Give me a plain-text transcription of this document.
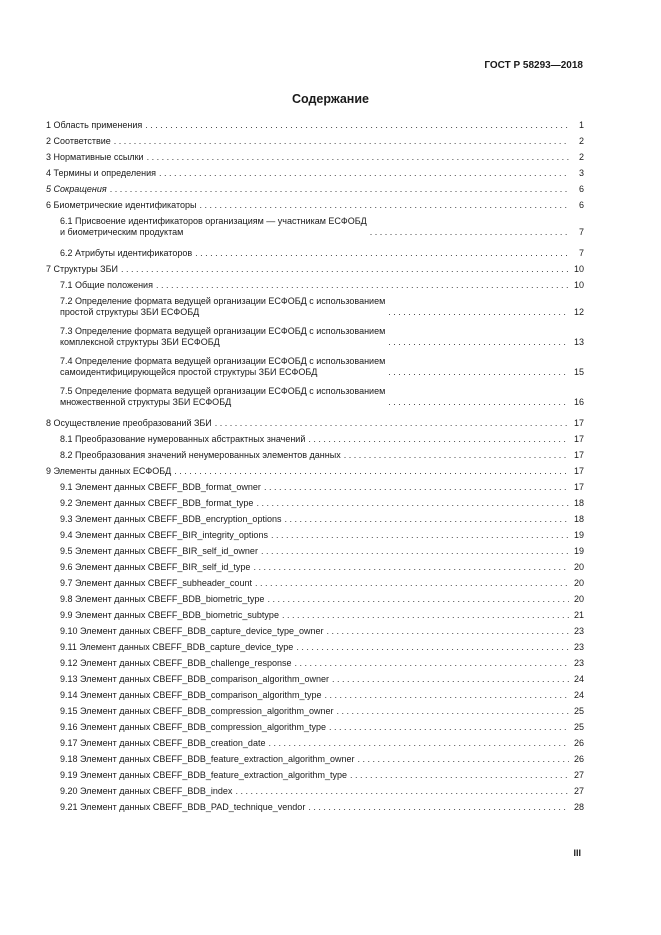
ГОСТ Р 58293—2018
Содержание
1 Область применения . . .	1
2 Соответствие . . .	2
3 Нормативные ссылки . . .	2
4 Термины и определения . . .	3
5 Сокращения . . .	6
6 Биометрические идентификаторы . . .	6
6.1 Присвоение идентификаторов организациям — участникам ЕСФОБД
и биометрическим продуктам . . .	7
6.2 Атрибуты идентификаторов . . .	7
7 Структуры ЗБИ . . .	10
7.1 Общие положения . . .	10
7.2 Определение формата ведущей организации ЕСФОБД с использованием
простой структуры ЗБИ ЕСФОБД . . .	12
7.3 Определение формата ведущей организации ЕСФОБД с использованием
комплексной структуры ЗБИ ЕСФОБД . . .	13
7.4 Определение формата ведущей организации ЕСФОБД с использованием
самоидентифицирующейся простой структуры ЗБИ ЕСФОБД . . .	15
7.5 Определение формата ведущей организации ЕСФОБД с использованием
множественной структуры ЗБИ ЕСФОБД . . .	16
8 Осуществление преобразований ЗБИ . . .	17
8.1 Преобразование нумерованных абстрактных значений . . .	17
8.2 Преобразования значений ненумерованных элементов данных . . .	17
9 Элементы данных ЕСФОБД . . .	17
9.1 Элемент данных CBEFF_BDB_format_owner . . .	17
9.2 Элемент данных CBEFF_BDB_format_type . . .	18
9.3 Элемент данных CBEFF_BDB_encryption_options . . .	18
9.4 Элемент данных CBEFF_BIR_integrity_options . . .	19
9.5 Элемент данных CBEFF_BIR_self_id_owner . . .	19
9.6 Элемент данных CBEFF_BIR_self_id_type . . .	20
9.7 Элемент данных CBEFF_subheader_count . . .	20
9.8 Элемент данных CBEFF_BDB_biometric_type . . .	20
9.9 Элемент данных CBEFF_BDB_biometric_subtype . . .	21
9.10 Элемент данных CBEFF_BDB_capture_device_type_owner . . .	23
9.11 Элемент данных CBEFF_BDB_capture_device_type . . .	23
9.12 Элемент данных CBEFF_BDB_challenge_response . . .	23
9.13 Элемент данных CBEFF_BDB_comparison_algorithm_owner . . .	24
9.14 Элемент данных CBEFF_BDB_comparison_algorithm_type . . .	24
9.15 Элемент данных CBEFF_BDB_compression_algorithm_owner . . .	25
9.16 Элемент данных CBEFF_BDB_compression_algorithm_type . . .	25
9.17 Элемент данных CBEFF_BDB_creation_date . . .	26
9.18 Элемент данных CBEFF_BDB_feature_extraction_algorithm_owner . . .	26
9.19 Элемент данных CBEFF_BDB_feature_extraction_algorithm_type . . .	27
9.20 Элемент данных CBEFF_BDB_index . . .	27
9.21 Элемент данных CBEFF_BDB_PAD_technique_vendor . . .	28
III
